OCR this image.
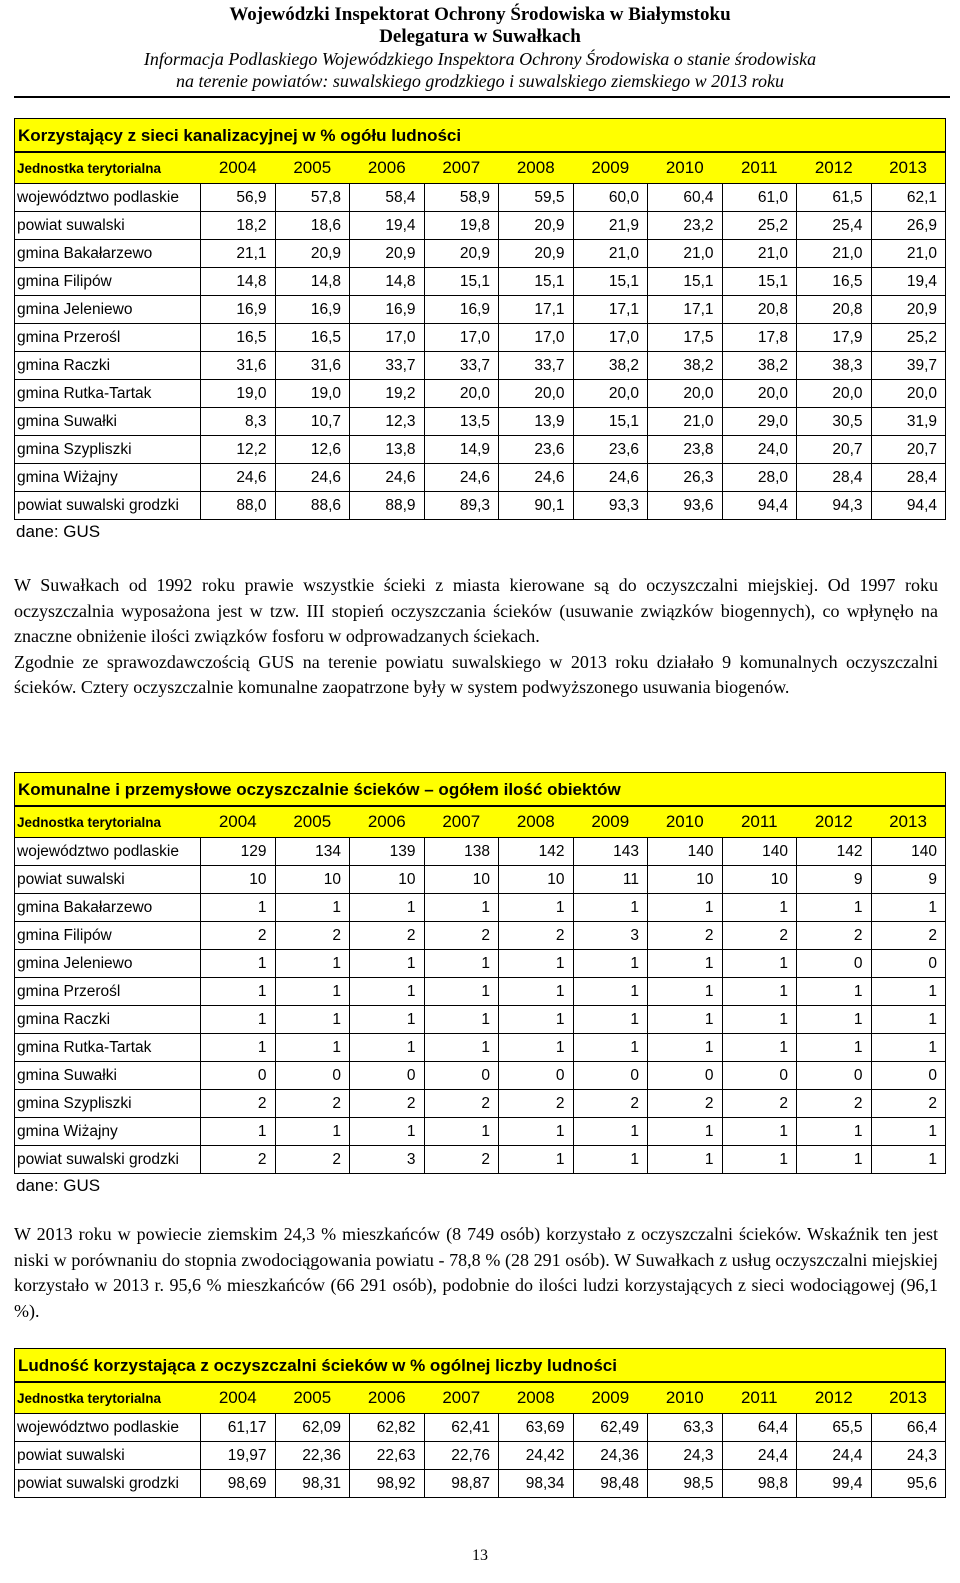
Wojewódzki Inspektorat Ochrony Środowiska w Białymstoku
Delegatura w Suwałkach
Informacja Podlaskiego Wojewódzkiego Inspektora Ochrony Środowiska o stanie środowiska
na terenie powiatów: suwalskiego grodzkiego i suwalskiego ziemskiego w 2013 roku
Korzystający z sieci kanalizacyjnej w % ogółu ludności
Jednostka terytorialna	2004	2005	2006	2007	2008	2009	2010	2011	2012	2013
województwo podlaskie	56,9	57,8	58,4	58,9	59,5	60,0	60,4	61,0	61,5	62,1
powiat suwalski	18,2	18,6	19,4	19,8	20,9	21,9	23,2	25,2	25,4	26,9
gmina Bakałarzewo	21,1	20,9	20,9	20,9	20,9	21,0	21,0	21,0	21,0	21,0
gmina Filipów	14,8	14,8	14,8	15,1	15,1	15,1	15,1	15,1	16,5	19,4
gmina Jeleniewo	16,9	16,9	16,9	16,9	17,1	17,1	17,1	20,8	20,8	20,9
gmina Przerośl	16,5	16,5	17,0	17,0	17,0	17,0	17,5	17,8	17,9	25,2
gmina Raczki	31,6	31,6	33,7	33,7	33,7	38,2	38,2	38,2	38,3	39,7
gmina Rutka-Tartak	19,0	19,0	19,2	20,0	20,0	20,0	20,0	20,0	20,0	20,0
gmina Suwałki	8,3	10,7	12,3	13,5	13,9	15,1	21,0	29,0	30,5	31,9
gmina Szypliszki	12,2	12,6	13,8	14,9	23,6	23,6	23,8	24,0	20,7	20,7
gmina Wiżajny	24,6	24,6	24,6	24,6	24,6	24,6	26,3	28,0	28,4	28,4
powiat suwalski grodzki	88,0	88,6	88,9	89,3	90,1	93,3	93,6	94,4	94,3	94,4
dane: GUS

W Suwałkach od 1992 roku prawie wszystkie ścieki z miasta kierowane są do oczyszczalni miejskiej. Od 1997 roku oczyszczalnia wyposażona jest w tzw. III stopień oczyszczania ścieków (usuwanie związków biogennych), co wpłynęło na znaczne obniżenie ilości związków fosforu w odprowadzanych ściekach.

Zgodnie ze sprawozdawczością GUS na terenie powiatu suwalskiego w 2013 roku działało 9 komunalnych oczyszczalni ścieków. Cztery oczyszczalnie komunalne zaopatrzone były w system podwyższonego usuwania biogenów.

Komunalne i przemysłowe oczyszczalnie ścieków – ogółem ilość obiektów
Jednostka terytorialna	2004	2005	2006	2007	2008	2009	2010	2011	2012	2013
województwo podlaskie	129	134	139	138	142	143	140	140	142	140
powiat suwalski	10	10	10	10	10	11	10	10	9	9
gmina Bakałarzewo	1	1	1	1	1	1	1	1	1	1
gmina Filipów	2	2	2	2	2	3	2	2	2	2
gmina Jeleniewo	1	1	1	1	1	1	1	1	0	0
gmina Przerośl	1	1	1	1	1	1	1	1	1	1
gmina Raczki	1	1	1	1	1	1	1	1	1	1
gmina Rutka-Tartak	1	1	1	1	1	1	1	1	1	1
gmina Suwałki	0	0	0	0	0	0	0	0	0	0
gmina Szypliszki	2	2	2	2	2	2	2	2	2	2
gmina Wiżajny	1	1	1	1	1	1	1	1	1	1
powiat suwalski grodzki	2	2	3	2	1	1	1	1	1	1
dane: GUS

W 2013 roku w powiecie ziemskim 24,3 % mieszkańców (8 749 osób) korzystało z oczyszczalni ścieków. Wskaźnik ten jest niski w porównaniu do stopnia zwodociągowania powiatu - 78,8 % (28 291 osób). W Suwałkach z usług oczyszczalni miejskiej korzystało w 2013 r. 95,6 % mieszkańców (66 291 osób), podobnie do ilości ludzi korzystających z sieci wodociągowej (96,1 %).

Ludność korzystająca z oczyszczalni ścieków w % ogólnej liczby ludności
Jednostka terytorialna	2004	2005	2006	2007	2008	2009	2010	2011	2012	2013
województwo podlaskie	61,17	62,09	62,82	62,41	63,69	62,49	63,3	64,4	65,5	66,4
powiat suwalski	19,97	22,36	22,63	22,76	24,42	24,36	24,3	24,4	24,4	24,3
powiat suwalski grodzki	98,69	98,31	98,92	98,87	98,34	98,48	98,5	98,8	99,4	95,6
13
